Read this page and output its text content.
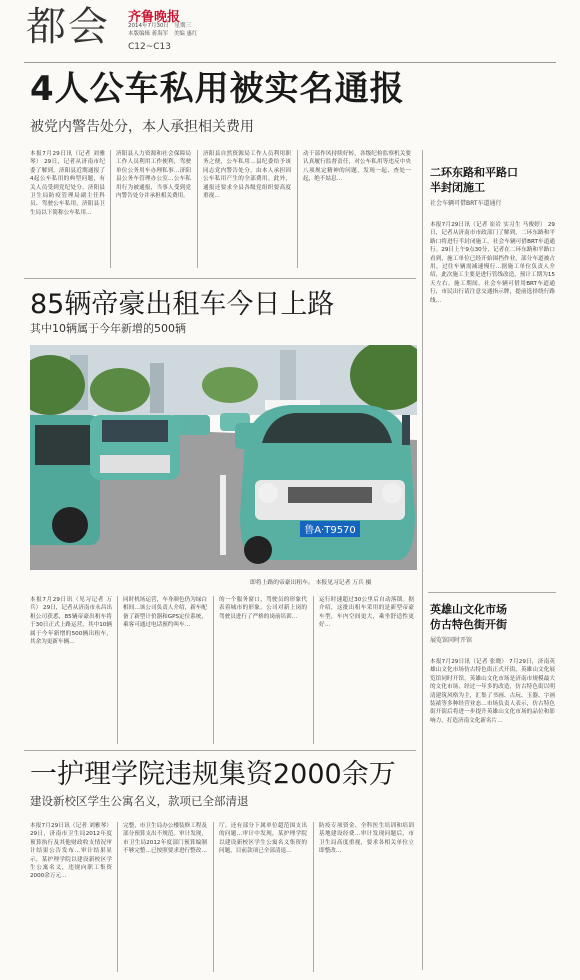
都会 齐鲁晚报
2014年7月30日　星期三
本版编辑 蒋海军　美编 惠红
C12~C13
4人公车私用被实名通报
被党内警告处分，本人承担相关费用
本报7月29日讯（记者 刘雅琴） 29日，记者从济南市纪委了解到，济阳县近期通报了4起公车私用的典型问题，有关人员受到党纪处分。济阳县卫生局防疫管理局副主任科员、驾驶公车私用，济阳县卫生局以下简称公车私用…
济阳县人力资源和社会保障局工作人员利用工作便利，驾驶单位公务用车办理私事…济阳县公务车管理办公室…公车私用行为被通报，当事人受到党内警告处分并承担相关费用。
济阳县自然资源局工作人员利用职务之便，公车私用…县纪委给予该同志党内警告处分，由本人承担因公车私用产生的全部费用。此外，通报还要求全县各级党组织要高度重视…
动干部作风持续好转，各级纪检监察机关要认真履行监督责任，对公车私用等违反中央八项规定精神的问题，发现一起、查处一起，绝不姑息…
二环东路和平路口
半封闭施工
社会车辆可借BRT车道通行
本报7月29日讯（记者 崔岩 实习生 马俊婷） 29日，记者从济南市市政部门了解到，二环东路和平路口将进行半封闭施工，社会车辆可借BRT车道通行。29日上午9点30分，记者在二环东路和平路口看到，施工单位已经开始围挡作业，部分车道被占用，过往车辆需减速慢行…据施工单位负责人介绍，此次施工主要是进行管线改造，预计工期为15天左右。施工期间，社会车辆可借用BRT车道通行，市民出行请注意交通指示牌，提前选择绕行路线…
英雄山文化市场
仿古特色街开街
展览馆同时开馆
本报7月29日讯（记者 张晓） 7月29日，济南英雄山文化市场仿古特色街正式开街，英雄山文化展览馆同时开馆。英雄山文化市场是济南市规模最大的文化市场，经过一年多的改造，仿古特色街以明清建筑风格为主，汇集了书画、古玩、玉器、字画装裱等多种经营业态…市场负责人表示，仿古特色街开街后将进一步提升英雄山文化市场的品位和影响力，打造济南文化新名片…
85辆帝豪出租车今日上路
其中10辆属于今年新增的500辆
鲁A·T9570
即将上路的帝豪出租车。 本报见习记者 万兵 摄
本报7月29日讯（见习记者 万兵） 29日，记者从济南市永昌出租公司获悉，85辆帝豪出租车将于30日正式上路运营，其中10辆属于今年新增的500辆出租车，其余为更新车辆…
同时机场运营，车身颜色仍为绿白相间…该公司负责人介绍，新车配备了新型计价器和GPS定位系统，乘客可通过电话预约叫车…
的一个服务窗口，驾驶员的形象代表着城市的形象。公司对新上岗的驾驶员进行了严格的岗前培训…
运行时速超过30公里后自动落锁。据介绍，这批出租车采用的是新型帝豪车型，车内空间更大，乘坐舒适性更好…
一护理学院违规集资2000余万
建设新校区学生公寓名义，款项已全部清退
本报7月29日讯（记者 刘雅琴） 29日，济南市卫生局2012年度预算执行及其他财政收支情况审计结果公告发布…审计结果显示，某护理学院以建设新校区学生公寓名义，违规向职工集资2000余万元…
完整，市卫生局办公楼装修工程及部分预算支出不规范。审计发现，市卫生局2012年度部门预算编制不够完整…已按照要求进行整改…
厅。还有部分下属单位超范围支出的问题…审计中发现，某护理学院以建设新校区学生公寓名义集资的问题，目前款项已全部清退…
防疫专项资金、全科医生培训和培训基地建设经费…审计发现问题后，市卫生局高度重视，要求各相关单位立即整改…
